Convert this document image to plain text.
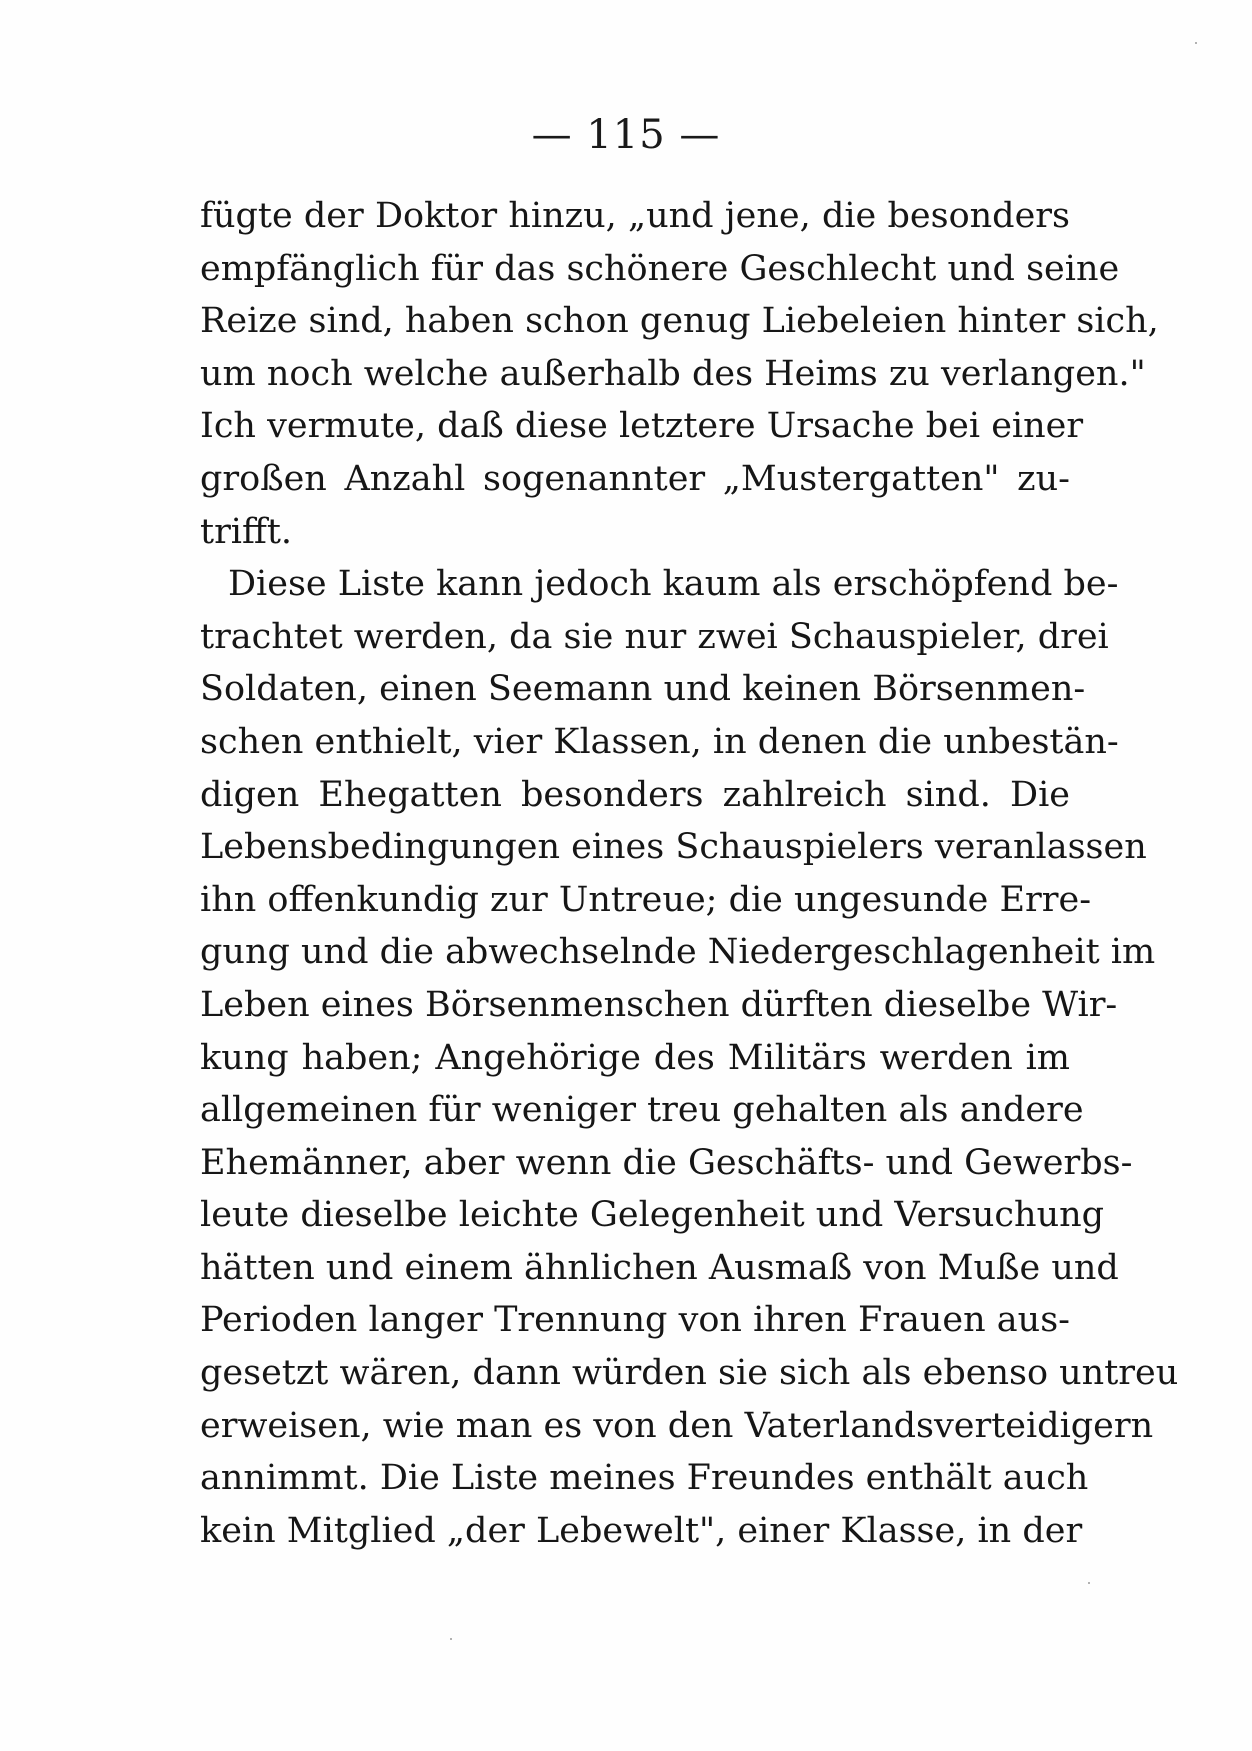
— 115 —
fügte der Doktor hinzu, „und jene, die besonders
empfänglich für das schönere Geschlecht und seine
Reize sind, haben schon genug Liebeleien hinter sich,
um noch welche außerhalb des Heims zu verlangen."
Ich vermute, daß diese letztere Ursache bei einer
großen Anzahl sogenannter „Mustergatten" zu-
trifft.
Diese Liste kann jedoch kaum als erschöpfend be-
trachtet werden, da sie nur zwei Schauspieler, drei
Soldaten, einen Seemann und keinen Börsenmen-
schen enthielt, vier Klassen, in denen die unbestän-
digen Ehegatten besonders zahlreich sind. Die
Lebensbedingungen eines Schauspielers veranlassen
ihn offenkundig zur Untreue; die ungesunde Erre-
gung und die abwechselnde Niedergeschlagenheit im
Leben eines Börsenmenschen dürften dieselbe Wir-
kung haben; Angehörige des Militärs werden im
allgemeinen für weniger treu gehalten als andere
Ehemänner, aber wenn die Geschäfts- und Gewerbs-
leute dieselbe leichte Gelegenheit und Versuchung
hätten und einem ähnlichen Ausmaß von Muße und
Perioden langer Trennung von ihren Frauen aus-
gesetzt wären, dann würden sie sich als ebenso untreu
erweisen, wie man es von den Vaterlandsverteidigern
annimmt. Die Liste meines Freundes enthält auch
kein Mitglied „der Lebewelt", einer Klasse, in der
